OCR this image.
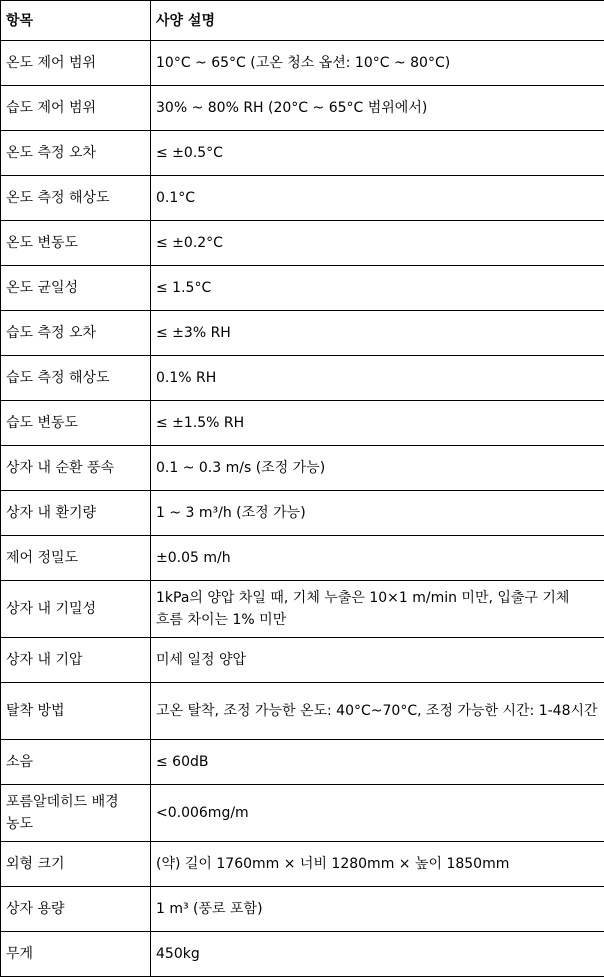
항목	사양 설명
온도 제어 범위	10°C ~ 65°C (고온 청소 옵션: 10°C ~ 80°C)
습도 제어 범위	30% ~ 80% RH (20°C ~ 65°C 범위에서)
온도 측정 오차	≤ ±0.5°C
온도 측정 해상도	0.1°C
온도 변동도	≤ ±0.2°C
온도 균일성	≤ 1.5°C
습도 측정 오차	≤ ±3% RH
습도 측정 해상도	0.1% RH
습도 변동도	≤ ±1.5% RH
상자 내 순환 풍속	0.1 ~ 0.3 m/s (조정 가능)
상자 내 환기량	1 ~ 3 m³/h (조정 가능)
제어 정밀도	±0.05 m/h
상자 내 기밀성	1kPa의 양압 차일 때, 기체 누출은 10×1 m/min 미만, 입출구 기체 흐름 차이는 1% 미만
상자 내 기압	미세 일정 양압
탈착 방법	고온 탈착, 조정 가능한 온도: 40°C~70°C, 조정 가능한 시간: 1-48시간
소음	≤ 60dB
포름알데히드 배경 농도	<0.006mg/m
외형 크기	(약) 길이 1760mm × 너비 1280mm × 높이 1850mm
상자 용량	1 m³ (풍로 포함)
무게	450kg
